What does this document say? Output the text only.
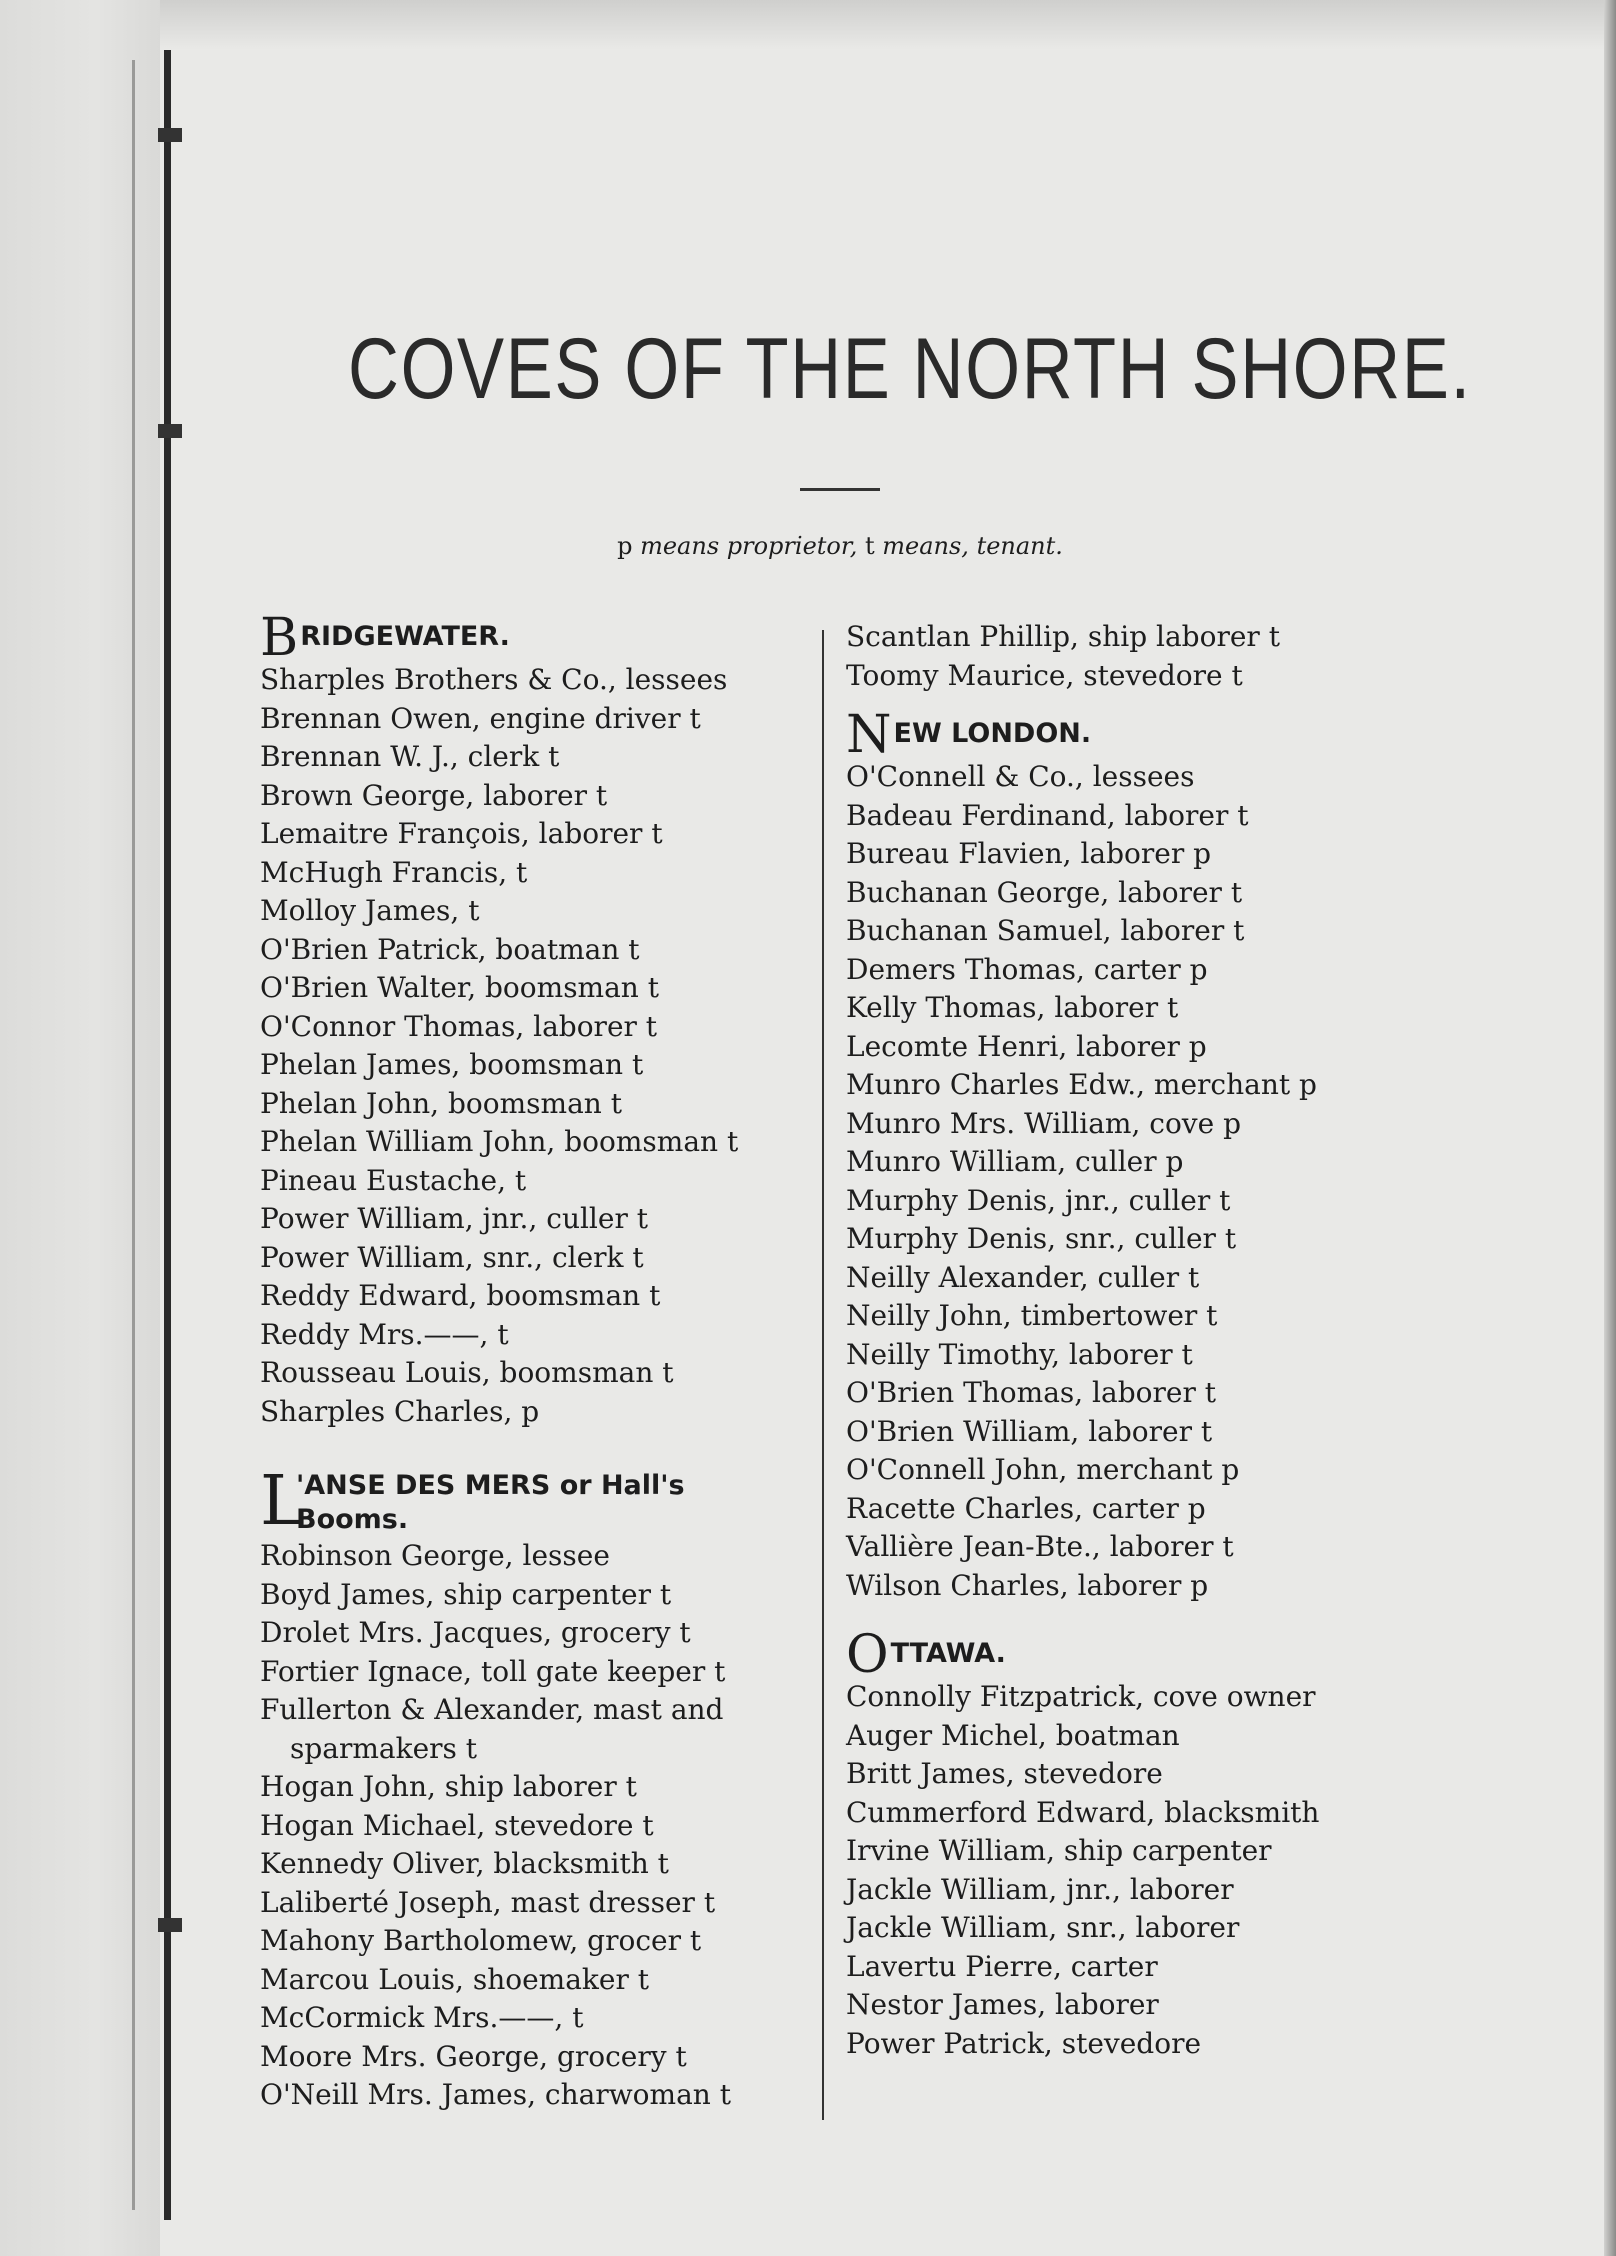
COVES OF THE NORTH SHORE.
p means proprietor, t means, tenant.
BRIDGEWATER.
Sharples Brothers & Co., lessees
Brennan Owen, engine driver t
Brennan W. J., clerk t
Brown George, laborer t
Lemaitre François, laborer t
McHugh Francis, t
Molloy James, t
O'Brien Patrick, boatman t
O'Brien Walter, boomsman t
O'Connor Thomas, laborer t
Phelan James, boomsman t
Phelan John, boomsman t
Phelan William John, boomsman t
Pineau Eustache, t
Power William, jnr., culler t
Power William, snr., clerk t
Reddy Edward, boomsman t
Reddy Mrs.——, t
Rousseau Louis, boomsman t
Sharples Charles, p
L
'ANSE DES MERS or Hall's
Booms.
Robinson George, lessee
Boyd James, ship carpenter t
Drolet Mrs. Jacques, grocery t
Fortier Ignace, toll gate keeper t
Fullerton & Alexander, mast and
sparmakers t
Hogan John, ship laborer t
Hogan Michael, stevedore t
Kennedy Oliver, blacksmith t
Laliberté Joseph, mast dresser t
Mahony Bartholomew, grocer t
Marcou Louis, shoemaker t
McCormick Mrs.——, t
Moore Mrs. George, grocery t
O'Neill Mrs. James, charwoman t
Scantlan Phillip, ship laborer t
Toomy Maurice, stevedore t
NEW LONDON.
O'Connell & Co., lessees
Badeau Ferdinand, laborer t
Bureau Flavien, laborer p
Buchanan George, laborer t
Buchanan Samuel, laborer t
Demers Thomas, carter p
Kelly Thomas, laborer t
Lecomte Henri, laborer p
Munro Charles Edw., merchant p
Munro Mrs. William, cove p
Munro William, culler p
Murphy Denis, jnr., culler t
Murphy Denis, snr., culler t
Neilly Alexander, culler t
Neilly John, timbertower t
Neilly Timothy, laborer t
O'Brien Thomas, laborer t
O'Brien William, laborer t
O'Connell John, merchant p
Racette Charles, carter p
Vallière Jean-Bte., laborer t
Wilson Charles, laborer p
OTTAWA.
Connolly Fitzpatrick, cove owner
Auger Michel, boatman
Britt James, stevedore
Cummerford Edward, blacksmith
Irvine William, ship carpenter
Jackle William, jnr., laborer
Jackle William, snr., laborer
Lavertu Pierre, carter
Nestor James, laborer
Power Patrick, stevedore
